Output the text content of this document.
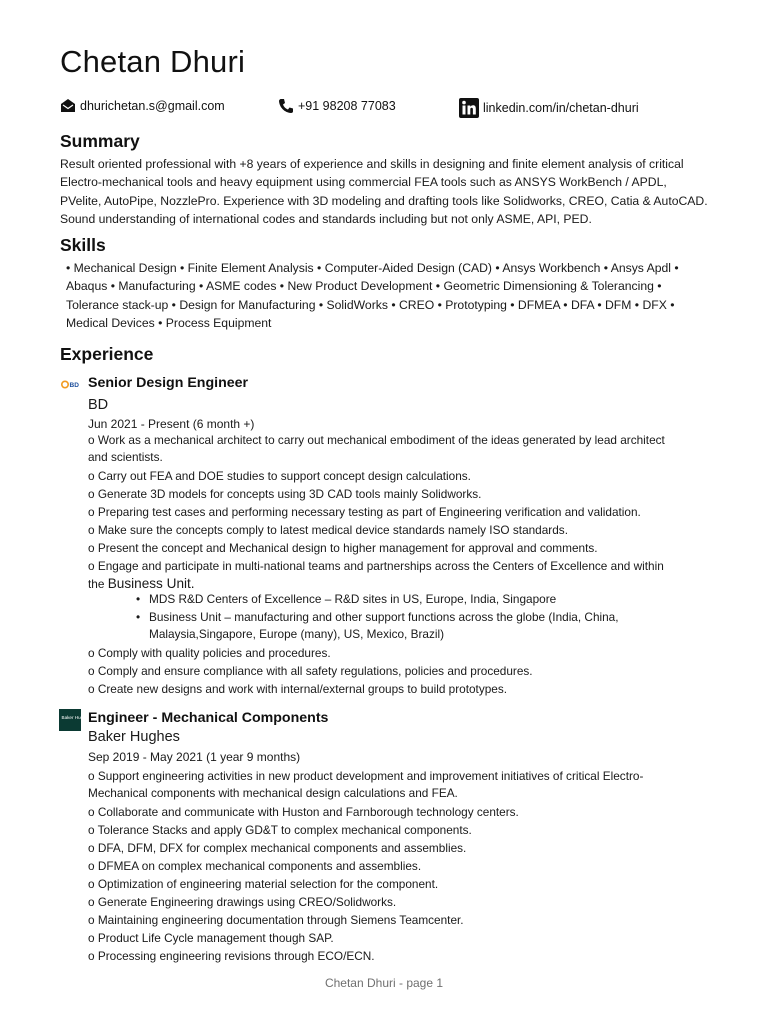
Chetan Dhuri
dhurichetan.s@gmail.com	+91 98208 77083	linkedin.com/in/chetan-dhuri
Summary
Result oriented professional with +8 years of experience and skills in designing and finite element analysis of critical Electro-mechanical tools and heavy equipment using commercial FEA tools such as ANSYS WorkBench / APDL, PVelite, AutoPipe, NozzlePro. Experience with 3D modeling and drafting tools like Solidworks, CREO, Catia & AutoCAD. Sound understanding of international codes and standards including but not only ASME, API, PED.
Skills
• Mechanical Design • Finite Element Analysis • Computer-Aided Design (CAD) • Ansys Workbench • Ansys Apdl • Abaqus • Manufacturing • ASME codes • New Product Development • Geometric Dimensioning & Tolerancing • Tolerance stack-up • Design for Manufacturing • SolidWorks • CREO • Prototyping • DFMEA • DFA • DFM • DFX • Medical Devices • Process Equipment
Experience
BD Senior Design Engineer
BD
Jun 2021 - Present (6 month +)
o Work as a mechanical architect to carry out mechanical embodiment of the ideas generated by lead architect and scientists.
o Carry out FEA and DOE studies to support concept design calculations.
o Generate 3D models for concepts using 3D CAD tools mainly Solidworks.
o Preparing test cases and performing necessary testing as part of Engineering verification and validation.
o Make sure the concepts comply to latest medical device standards namely ISO standards.
o Present the concept and Mechanical design to higher management for approval and comments.
o Engage and participate in multi-national teams and partnerships across the Centers of Excellence and within the Business Unit.
• MDS R&D Centers of Excellence – R&D sites in US, Europe, India, Singapore
• Business Unit – manufacturing and other support functions across the globe (India, China, Malaysia,Singapore, Europe (many), US, Mexico, Brazil)
o Comply with quality policies and procedures.
o Comply and ensure compliance with all safety regulations, policies and procedures.
o Create new designs and work with internal/external groups to build prototypes.
Baker Hughes
Engineer - Mechanical Components
Baker Hughes
Sep 2019 - May 2021 (1 year 9 months)
o Support engineering activities in new product development and improvement initiatives of critical Electro-Mechanical components with mechanical design calculations and FEA.
o Collaborate and communicate with Huston and Farnborough technology centers.
o Tolerance Stacks and apply GD&T to complex mechanical components.
o DFA, DFM, DFX for complex mechanical components and assemblies.
o DFMEA on complex mechanical components and assemblies.
o Optimization of engineering material selection for the component.
o Generate Engineering drawings using CREO/Solidworks.
o Maintaining engineering documentation through Siemens Teamcenter.
o Product Life Cycle management though SAP.
o Processing engineering revisions through ECO/ECN.
Chetan Dhuri - page 1
